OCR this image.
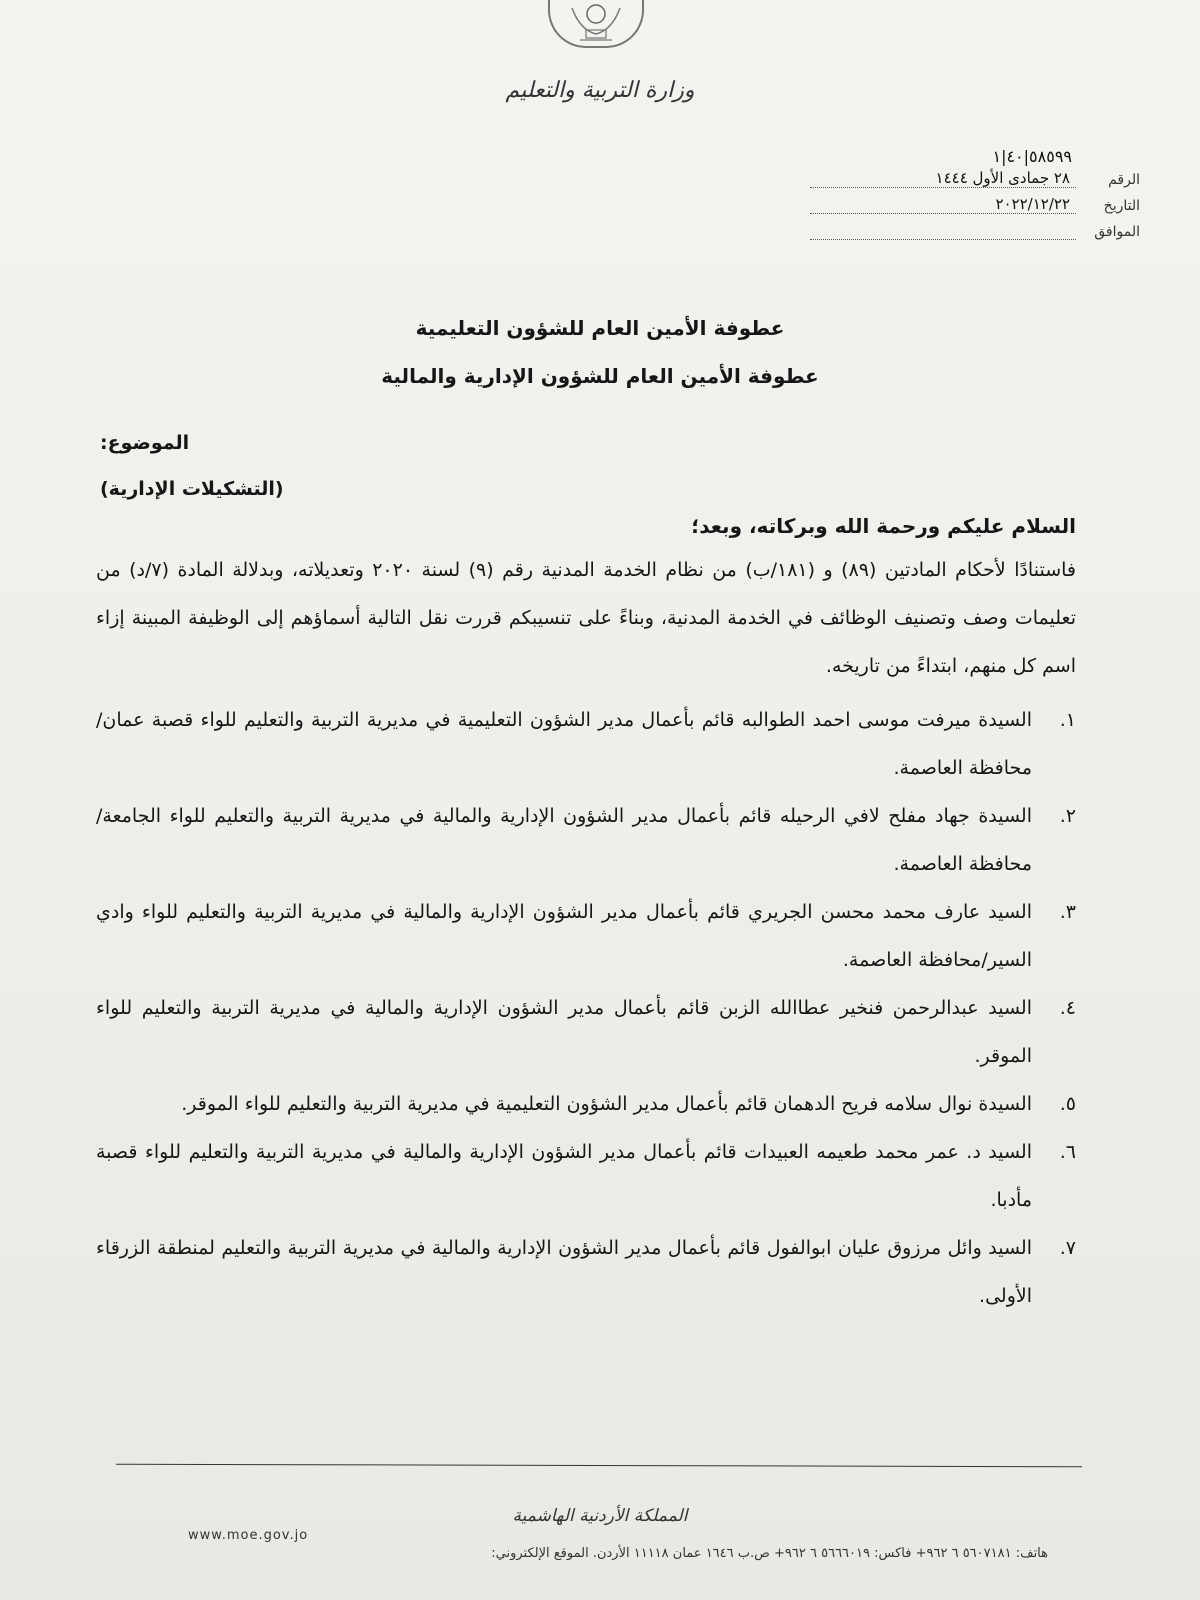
وزارة التربية والتعليم
الرقم
٥٨٥٩٩|٤٠|١
٢٨ جمادى الأول ١٤٤٤
التاريخ
٢٠٢٢/١٢/٢٢
الموافق
عطوفة الأمين العام للشؤون التعليمية
عطوفة الأمين العام للشؤون الإدارية والمالية
الموضوع:
(التشكيلات الإدارية)
السلام عليكم ورحمة الله وبركاته، وبعد؛
فاستنادًا لأحكام المادتين (٨٩) و (١٨١/ب) من نظام الخدمة المدنية رقم (٩) لسنة ٢٠٢٠ وتعديلاته، وبدلالة المادة (٧/د) من تعليمات وصف وتصنيف الوظائف في الخدمة المدنية، وبناءً على تنسيبكم قررت نقل التالية أسماؤهم إلى الوظيفة المبينة إزاء اسم كل منهم، ابتداءً من تاريخه.
١.
السيدة ميرفت موسى احمد الطوالبه قائم بأعمال مدير الشؤون التعليمية في مديرية التربية والتعليم للواء قصبة عمان/محافظة العاصمة.
٢.
السيدة جهاد مفلح لافي الرحيله قائم بأعمال مدير الشؤون الإدارية والمالية في مديرية التربية والتعليم للواء الجامعة/محافظة العاصمة.
٣.
السيد عارف محمد محسن الجريري قائم بأعمال مدير الشؤون الإدارية والمالية في مديرية التربية والتعليم للواء وادي السير/محافظة العاصمة.
٤.
السيد عبدالرحمن فنخير عطاالله الزبن قائم بأعمال مدير الشؤون الإدارية والمالية في مديرية التربية والتعليم للواء الموقر.
٥.
السيدة نوال سلامه فريح الدهمان قائم بأعمال مدير الشؤون التعليمية في مديرية التربية والتعليم للواء الموقر.
٦.
السيد د. عمر محمد طعيمه العبيدات قائم بأعمال مدير الشؤون الإدارية والمالية في مديرية التربية والتعليم للواء قصبة مأدبا.
٧.
السيد وائل مرزوق عليان ابوالفول قائم بأعمال مدير الشؤون الإدارية والمالية في مديرية التربية والتعليم لمنطقة الزرقاء الأولى.
المملكة الأردنية الهاشمية
www.moe.gov.jo
هاتف: ٥٦٠٧١٨١ ٦ ٩٦٢+ فاكس: ٥٦٦٦٠١٩ ٦ ٩٦٢+ ص.ب ١٦٤٦ عمان ١١١١٨ الأردن. الموقع الإلكتروني:
